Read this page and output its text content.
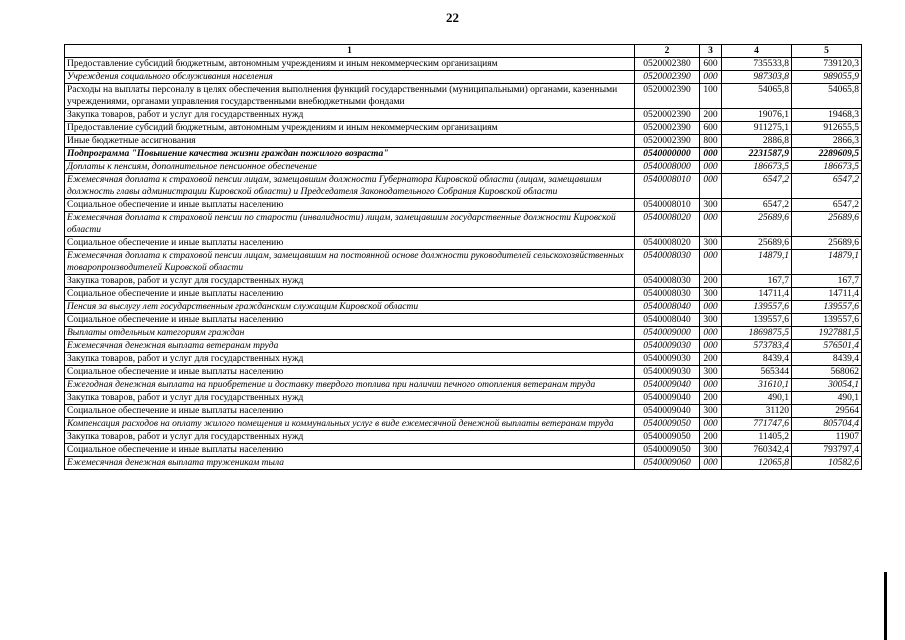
22
1	2	3	4	5
Предоставление субсидий бюджетным, автономным учреждениям и иным некоммерческим организациям	0520002380	600	735533,8	739120,3
Учреждения социального обслуживания населения	0520002390	000	987303,8	989055,9
Расходы на выплаты персоналу в целях обеспечения выполнения функций государственными (муниципальными) органами, казенными учреждениями, органами управления государственными внебюджетными фондами	0520002390	100	54065,8	54065,8
Закупка товаров, работ и услуг для государственных нужд	0520002390	200	19076,1	19468,3
Предоставление субсидий бюджетным, автономным учреждениям и иным некоммерческим организациям	0520002390	600	911275,1	912655,5
Иные бюджетные ассигнования	0520002390	800	2886,8	2866,3
Подпрограмма "Повышение качества жизни граждан пожилого возраста"	0540000000	000	2231587,9	2289609,5
Доплаты к пенсиям, дополнительное пенсионное обеспечение	0540008000	000	186673,5	186673,5
Ежемесячная доплата к страховой пенсии лицам, замещавшим должности Губернатора Кировской области (лицам, замещавшим должность главы администрации Кировской области) и Председателя Законодательного Собрания Кировской области	0540008010	000	6547,2	6547,2
Социальное обеспечение и иные выплаты населению	0540008010	300	6547,2	6547,2
Ежемесячная доплата к страховой пенсии по старости (инвалидности) лицам, замещавшим государственные должности Кировской области	0540008020	000	25689,6	25689,6
Социальное обеспечение и иные выплаты населению	0540008020	300	25689,6	25689,6
Ежемесячная доплата к страховой пенсии лицам, замещавшим на постоянной основе должности руководителей сельскохозяйственных товаропроизводителей Кировской области	0540008030	000	14879,1	14879,1
Закупка товаров, работ и услуг для государственных нужд	0540008030	200	167,7	167,7
Социальное обеспечение и иные выплаты населению	0540008030	300	14711,4	14711,4
Пенсия за выслугу лет государственным гражданским служащим Кировской области	0540008040	000	139557,6	139557,6
Социальное обеспечение и иные выплаты населению	0540008040	300	139557,6	139557,6
Выплаты отдельным категориям граждан	0540009000	000	1869875,5	1927881,5
Ежемесячная денежная выплата ветеранам труда	0540009030	000	573783,4	576501,4
Закупка товаров, работ и услуг для государственных нужд	0540009030	200	8439,4	8439,4
Социальное обеспечение и иные выплаты населению	0540009030	300	565344	568062
Ежегодная денежная выплата на приобретение и доставку твердого топлива при наличии печного отопления ветеранам труда	0540009040	000	31610,1	30054,1
Закупка товаров, работ и услуг для государственных нужд	0540009040	200	490,1	490,1
Социальное обеспечение и иные выплаты населению	0540009040	300	31120	29564
Компенсация расходов на оплату жилого помещения и коммунальных услуг в виде ежемесячной денежной выплаты ветеранам труда	0540009050	000	771747,6	805704,4
Закупка товаров, работ и услуг для государственных нужд	0540009050	200	11405,2	11907
Социальное обеспечение и иные выплаты населению	0540009050	300	760342,4	793797,4
Ежемесячная денежная выплата труженикам тыла	0540009060	000	12065,8	10582,6
